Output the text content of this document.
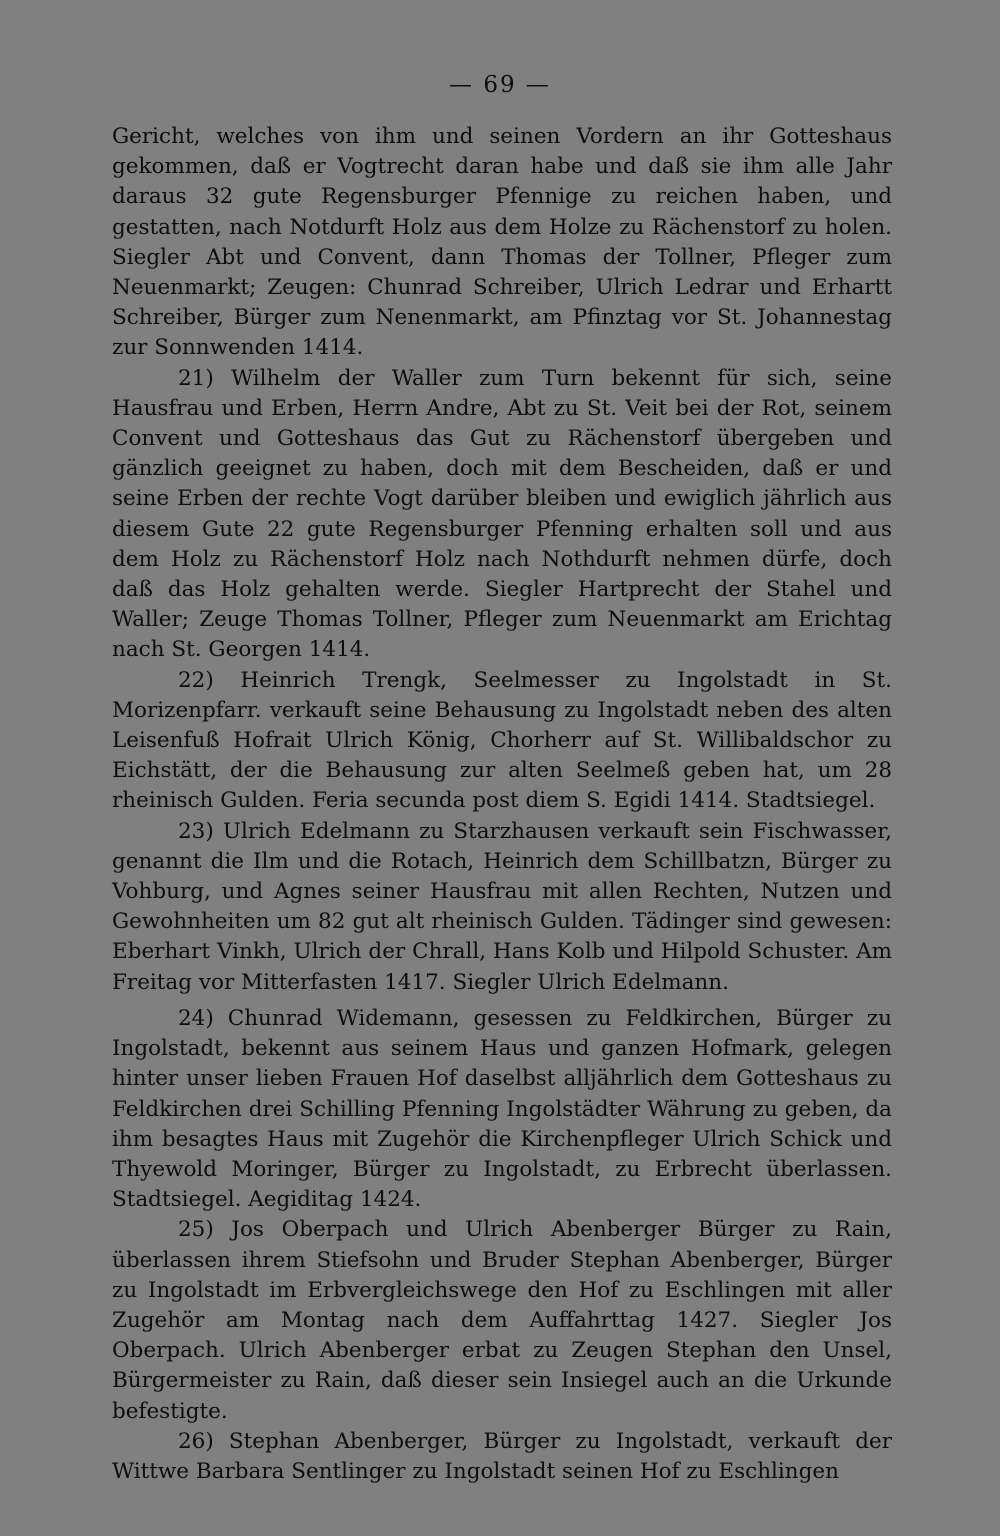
— 69 —

Gericht, welches von ihm und seinen Vordern an ihr Gotteshaus gekommen, daß er Vogtrecht daran habe und daß sie ihm alle Jahr daraus 32 gute Regensburger Pfennige zu reichen haben, und gestatten, nach Notdurft Holz aus dem Holze zu Rächenstorf zu holen. Siegler Abt und Convent, dann Thomas der Tollner, Pfleger zum Neuenmarkt; Zeugen: Chunrad Schreiber, Ulrich Ledrar und Erhartt Schreiber, Bürger zum Nenenmarkt, am Pfinztag vor St. Johannestag zur Sonnwenden 1414.

21) Wilhelm der Waller zum Turn bekennt für sich, seine Hausfrau und Erben, Herrn Andre, Abt zu St. Veit bei der Rot, seinem Convent und Gotteshaus das Gut zu Rächenstorf übergeben und gänzlich geeignet zu haben, doch mit dem Bescheiden, daß er und seine Erben der rechte Vogt darüber bleiben und ewiglich jährlich aus diesem Gute 22 gute Regensburger Pfenning erhalten soll und aus dem Holz zu Rächenstorf Holz nach Nothdurft nehmen dürfe, doch daß das Holz gehalten werde. Siegler Hartprecht der Stahel und Waller; Zeuge Thomas Tollner, Pfleger zum Neuenmarkt am Erichtag nach St. Georgen 1414.

22) Heinrich Trengk, Seelmesser zu Ingolstadt in St. Morizenpfarr. verkauft seine Behausung zu Ingolstadt neben des alten Leisenfuß Hofrait Ulrich König, Chorherr auf St. Willibaldschor zu Eichstätt, der die Behausung zur alten Seelmeß geben hat, um 28 rheinisch Gulden. Feria secunda post diem S. Egidi 1414. Stadtsiegel.

23) Ulrich Edelmann zu Starzhausen verkauft sein Fischwasser, genannt die Ilm und die Rotach, Heinrich dem Schillbatzn, Bürger zu Vohburg, und Agnes seiner Hausfrau mit allen Rechten, Nutzen und Gewohnheiten um 82 gut alt rheinisch Gulden. Tädinger sind gewesen: Eberhart Vinkh, Ulrich der Chrall, Hans Kolb und Hilpold Schuster. Am Freitag vor Mitterfasten 1417. Siegler Ulrich Edelmann.

24) Chunrad Widemann, gesessen zu Feldkirchen, Bürger zu Ingolstadt, bekennt aus seinem Haus und ganzen Hofmark, gelegen hinter unser lieben Frauen Hof daselbst alljährlich dem Gotteshaus zu Feldkirchen drei Schilling Pfenning Ingolstädter Währung zu geben, da ihm besagtes Haus mit Zugehör die Kirchenpfleger Ulrich Schick und Thyewold Moringer, Bürger zu Ingolstadt, zu Erbrecht überlassen. Stadtsiegel. Aegiditag 1424.

25) Jos Oberpach und Ulrich Abenberger Bürger zu Rain, überlassen ihrem Stiefsohn und Bruder Stephan Abenberger, Bürger zu Ingolstadt im Erbvergleichswege den Hof zu Eschlingen mit aller Zugehör am Montag nach dem Auffahrttag 1427. Siegler Jos Oberpach. Ulrich Abenberger erbat zu Zeugen Stephan den Unsel, Bürgermeister zu Rain, daß dieser sein Insiegel auch an die Urkunde befestigte.

26) Stephan Abenberger, Bürger zu Ingolstadt, verkauft der Wittwe Barbara Sentlinger zu Ingolstadt seinen Hof zu Eschlingen
